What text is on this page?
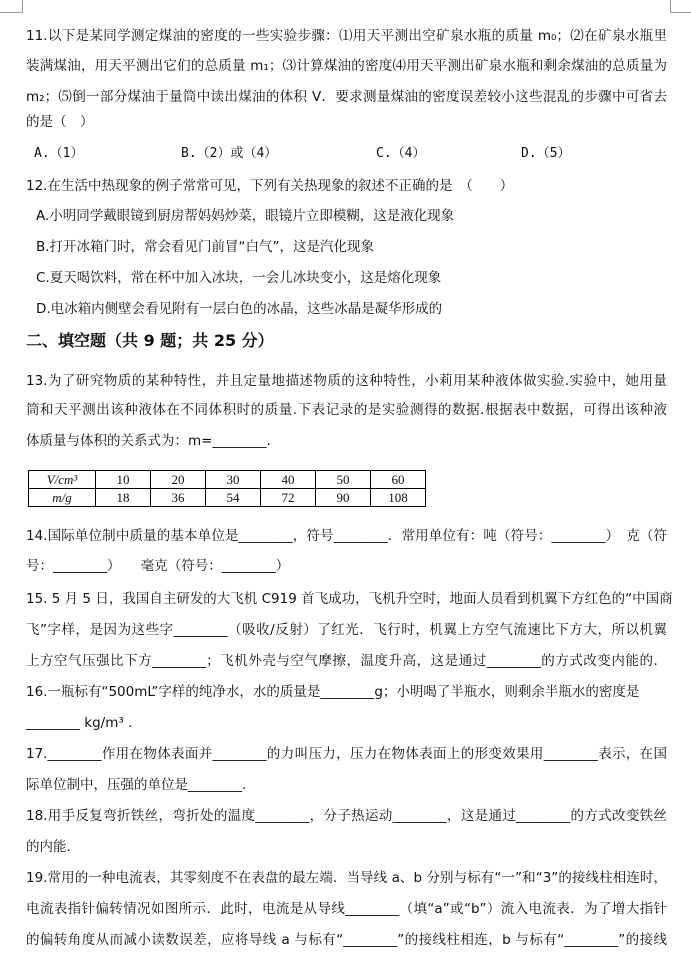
11.以下是某同学测定煤油的密度的一些实验步骤：⑴用天平测出空矿泉水瓶的质量 m₀；⑵在矿泉水瓶里
装满煤油，用天平测出它们的总质量 m₁；⑶计算煤油的密度⑷用天平测出矿泉水瓶和剩余煤油的总质量为
m₂；⑸倒一部分煤油于量筒中读出煤油的体积 V．要求测量煤油的密度误差较小这些混乱的步骤中可省去
的是（　）
A.（1）	B.（2）或（4）	C.（4）	D.（5）
12.在生活中热现象的例子常常可见，下列有关热现象的叙述不正确的是　（　　）
A.小明同学戴眼镜到厨房帮妈妈炒菜，眼镜片立即模糊，这是液化现象
B.打开冰箱门时，常会看见门前冒“白气”，这是汽化现象
C.夏天喝饮料，常在杯中加入冰块，一会儿冰块变小，这是熔化现象
D.电冰箱内侧壁会看见附有一层白色的冰晶，这些冰晶是凝华形成的
二、填空题（共 9 题；共 25 分）
13.为了研究物质的某种特性，并且定量地描述物质的这种特性，小莉用某种液体做实验.实验中，她用量
筒和天平测出该种液体在不同体积时的质量.下表记录的是实验测得的数据.根据表中数据，可得出该种液
体质量与体积的关系式为：m=________.
V/cm³	10	20	30	40	50	60
m/g	18	36	54	72	90	108
14.国际单位制中质量的基本单位是________，符号________．常用单位有：吨（符号：________）　克（符
号：________）　　毫克（符号：________）
15. 5 月 5 日，我国自主研发的大飞机 C919 首飞成功，飞机升空时，地面人员看到机翼下方红色的“中国商
飞”字样，是因为这些字________（吸收/反射）了红光．飞行时，机翼上方空气流速比下方大，所以机翼
上方空气压强比下方________；飞机外壳与空气摩擦，温度升高，这是通过________的方式改变内能的．
16.一瓶标有“500mL”字样的纯净水，水的质量是________g；小明喝了半瓶水，则剩余半瓶水的密度是
________ kg/m³ ．
17.________作用在物体表面并________的力叫压力，压力在物体表面上的形变效果用________表示，在国
际单位制中，压强的单位是________．
18.用手反复弯折铁丝，弯折处的温度________，分子热运动________，这是通过________的方式改变铁丝
的内能．
19.常用的一种电流表，其零刻度不在表盘的最左端．当导线 a、b 分别与标有“一”和“3”的接线柱相连时，
电流表指针偏转情况如图所示．此时，电流是从导线________（填“a”或“b”）流入电流表．为了增大指针
的偏转角度从而减小读数误差，应将导线 a 与标有“________”的接线柱相连，b 与标有“________”的接线
